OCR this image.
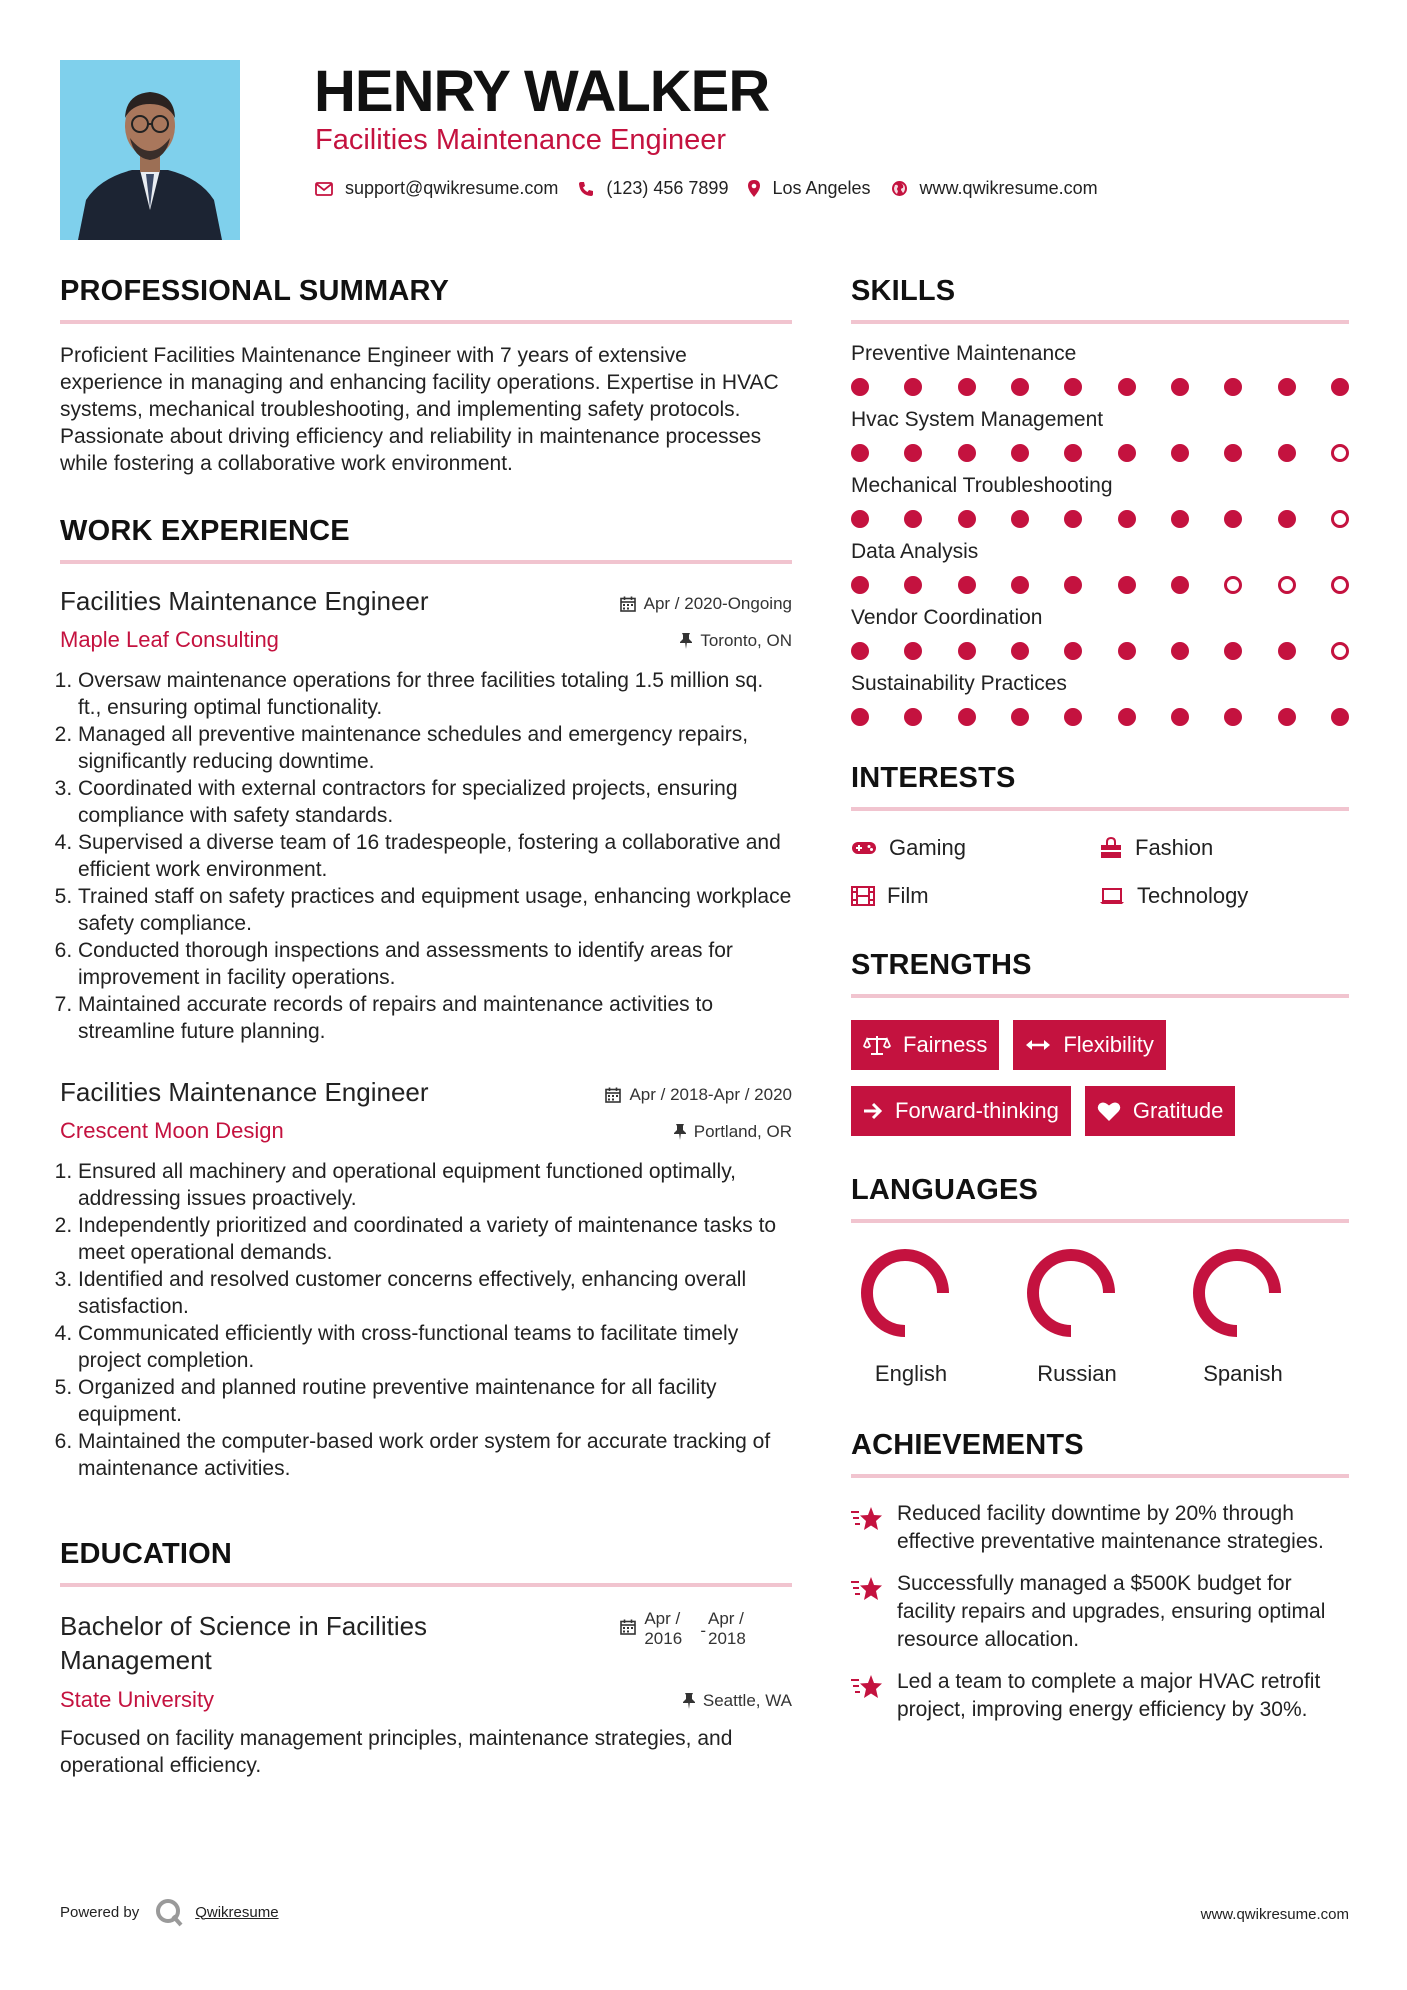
HENRY WALKER
Facilities Maintenance Engineer
support@qwikresume.com	(123) 456 7899 Los Angeles	www.qwikresume.com
PROFESSIONAL SUMMARY

Proficient Facilities Maintenance Engineer with 7 years of extensive experience in managing and enhancing facility operations. Expertise in HVAC systems, mechanical troubleshooting, and implementing safety protocols. Passionate about driving efficiency and reliability in maintenance processes while fostering a collaborative work environment.

WORK EXPERIENCE
Facilities Maintenance Engineer	Apr / 2020-Ongoing
Maple Leaf Consulting	Toronto, ON
1. Oversaw maintenance operations for three facilities totaling 1.5 million sq. ft., ensuring optimal functionality.
2. Managed all preventive maintenance schedules and emergency repairs, significantly reducing downtime.
3. Coordinated with external contractors for specialized projects, ensuring compliance with safety standards.
4. Supervised a diverse team of 16 tradespeople, fostering a collaborative and efficient work environment.
5. Trained staff on safety practices and equipment usage, enhancing workplace safety compliance.
6. Conducted thorough inspections and assessments to identify areas for improvement in facility operations.
7. Maintained accurate records of repairs and maintenance activities to streamline future planning.
Facilities Maintenance Engineer	Apr / 2018-Apr / 2020
Crescent Moon Design	Portland, OR
1. Ensured all machinery and operational equipment functioned optimally, addressing issues proactively.
2. Independently prioritized and coordinated a variety of maintenance tasks to meet operational demands.
3. Identified and resolved customer concerns effectively, enhancing overall satisfaction.
4. Communicated efficiently with cross-functional teams to facilitate timely project completion.
5. Organized and planned routine preventive maintenance for all facility equipment.
6. Maintained the computer-based work order system for accurate tracking of maintenance activities.
EDUCATION
Bachelor of Science in Facilities Management
Apr / 2016	-
Apr / 2018
State University	Seattle, WA

Focused on facility management principles, maintenance strategies, and operational efficiency.

SKILLS
Preventive Maintenance
Hvac System Management
Mechanical Troubleshooting
Data Analysis
Vendor Coordination
Sustainability Practices
INTERESTS
Gaming	Fashion
Film	Technology
STRENGTHS
Fairness	Flexibility
Forward-thinking	Gratitude
LANGUAGES
English	Russian	Spanish
ACHIEVEMENTS
Reduced facility downtime by 20% through effective preventative maintenance strategies.
Successfully managed a $500K budget for facility repairs and upgrades, ensuring optimal resource allocation.
Led a team to complete a major HVAC retrofit project, improving energy efficiency by 30%.
Powered by	Qwikresume	www.qwikresume.com
